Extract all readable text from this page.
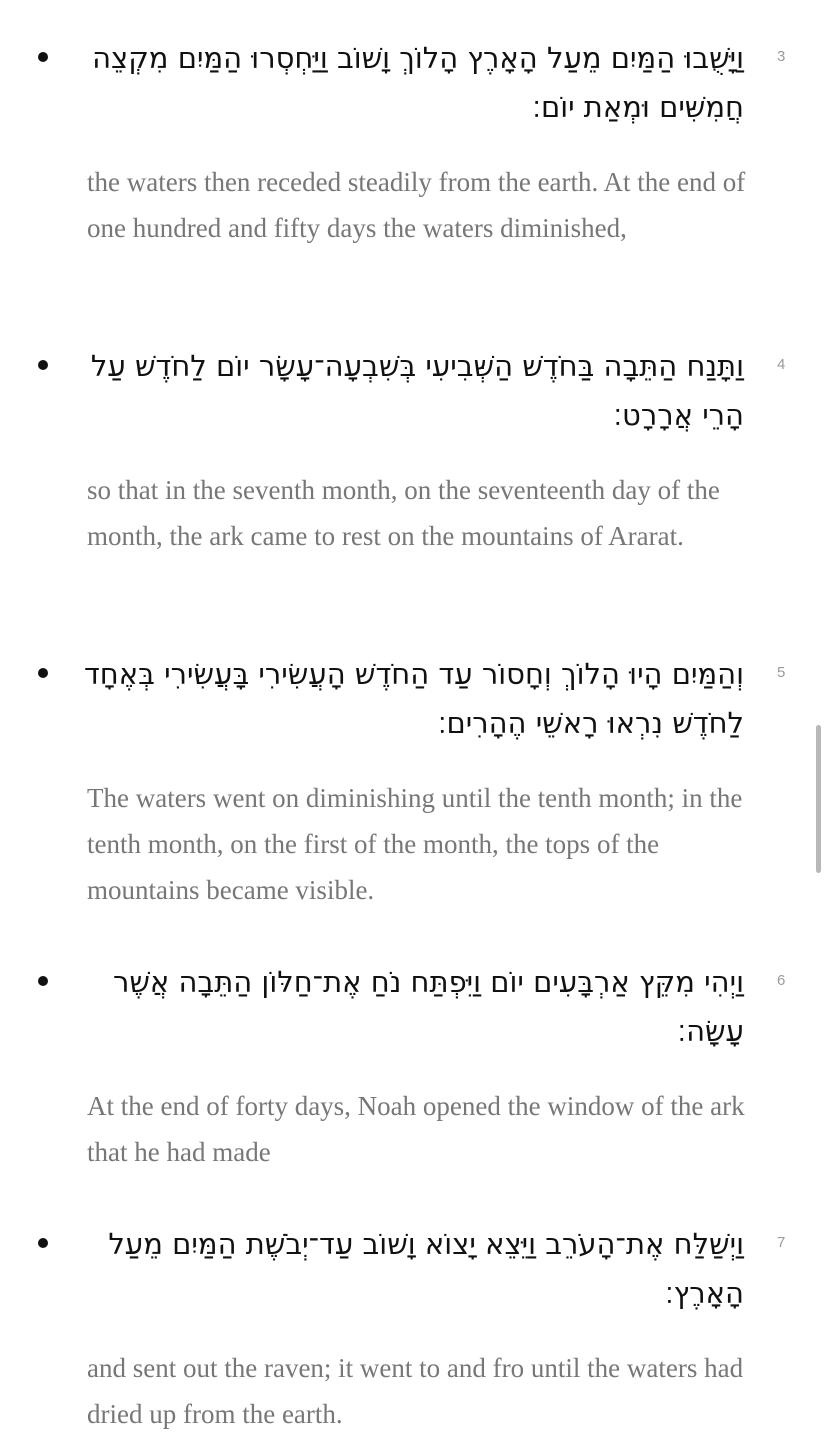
3
וַיָּשֻׁבוּ הַמַּיִם מֵעַל הָאָרֶץ הָלוֹךְ וָשׁוֹב וַיַּחְסְרוּ הַמַּיִם מִקְצֵה חֲמִשִּׁים וּמְאַת יוֹם׃
the waters then receded steadily from the earth. At the end of one hundred and fifty days the waters diminished,
4
וַתָּנַח הַתֵּבָה בַּחֹדֶשׁ הַשְּׁבִיעִי בְּשִׁבְעָה־עָשָׂר יוֹם לַחֹדֶשׁ עַל הָרֵי אֲרָרָט׃
so that in the seventh month, on the seventeenth day of the month, the ark came to rest on the mountains of Ararat.
5
וְהַמַּיִם הָיוּ הָלוֹךְ וְחָסוֹר עַד הַחֹדֶשׁ הָעֲשִׂירִי בָּעֲשִׂירִי בְּאֶחָד לַחֹדֶשׁ נִרְאוּ רָאשֵׁי הֶהָרִים׃
The waters went on diminishing until the tenth month; in the tenth month, on the first of the month, the tops of the mountains became visible.
6
וַיְהִי מִקֵּץ אַרְבָּעִים יוֹם וַיִּפְתַּח נֹחַ אֶת־חַלּוֹן הַתֵּבָה אֲשֶׁר עָשָׂה׃
At the end of forty days, Noah opened the window of the ark that he had made
7
וַיְשַׁלַּח אֶת־הָעֹרֵב וַיֵּצֵא יָצוֹא וָשׁוֹב עַד־יְבֹשֶׁת הַמַּיִם מֵעַל הָאָרֶץ׃
and sent out the raven; it went to and fro until the waters had dried up from the earth.
